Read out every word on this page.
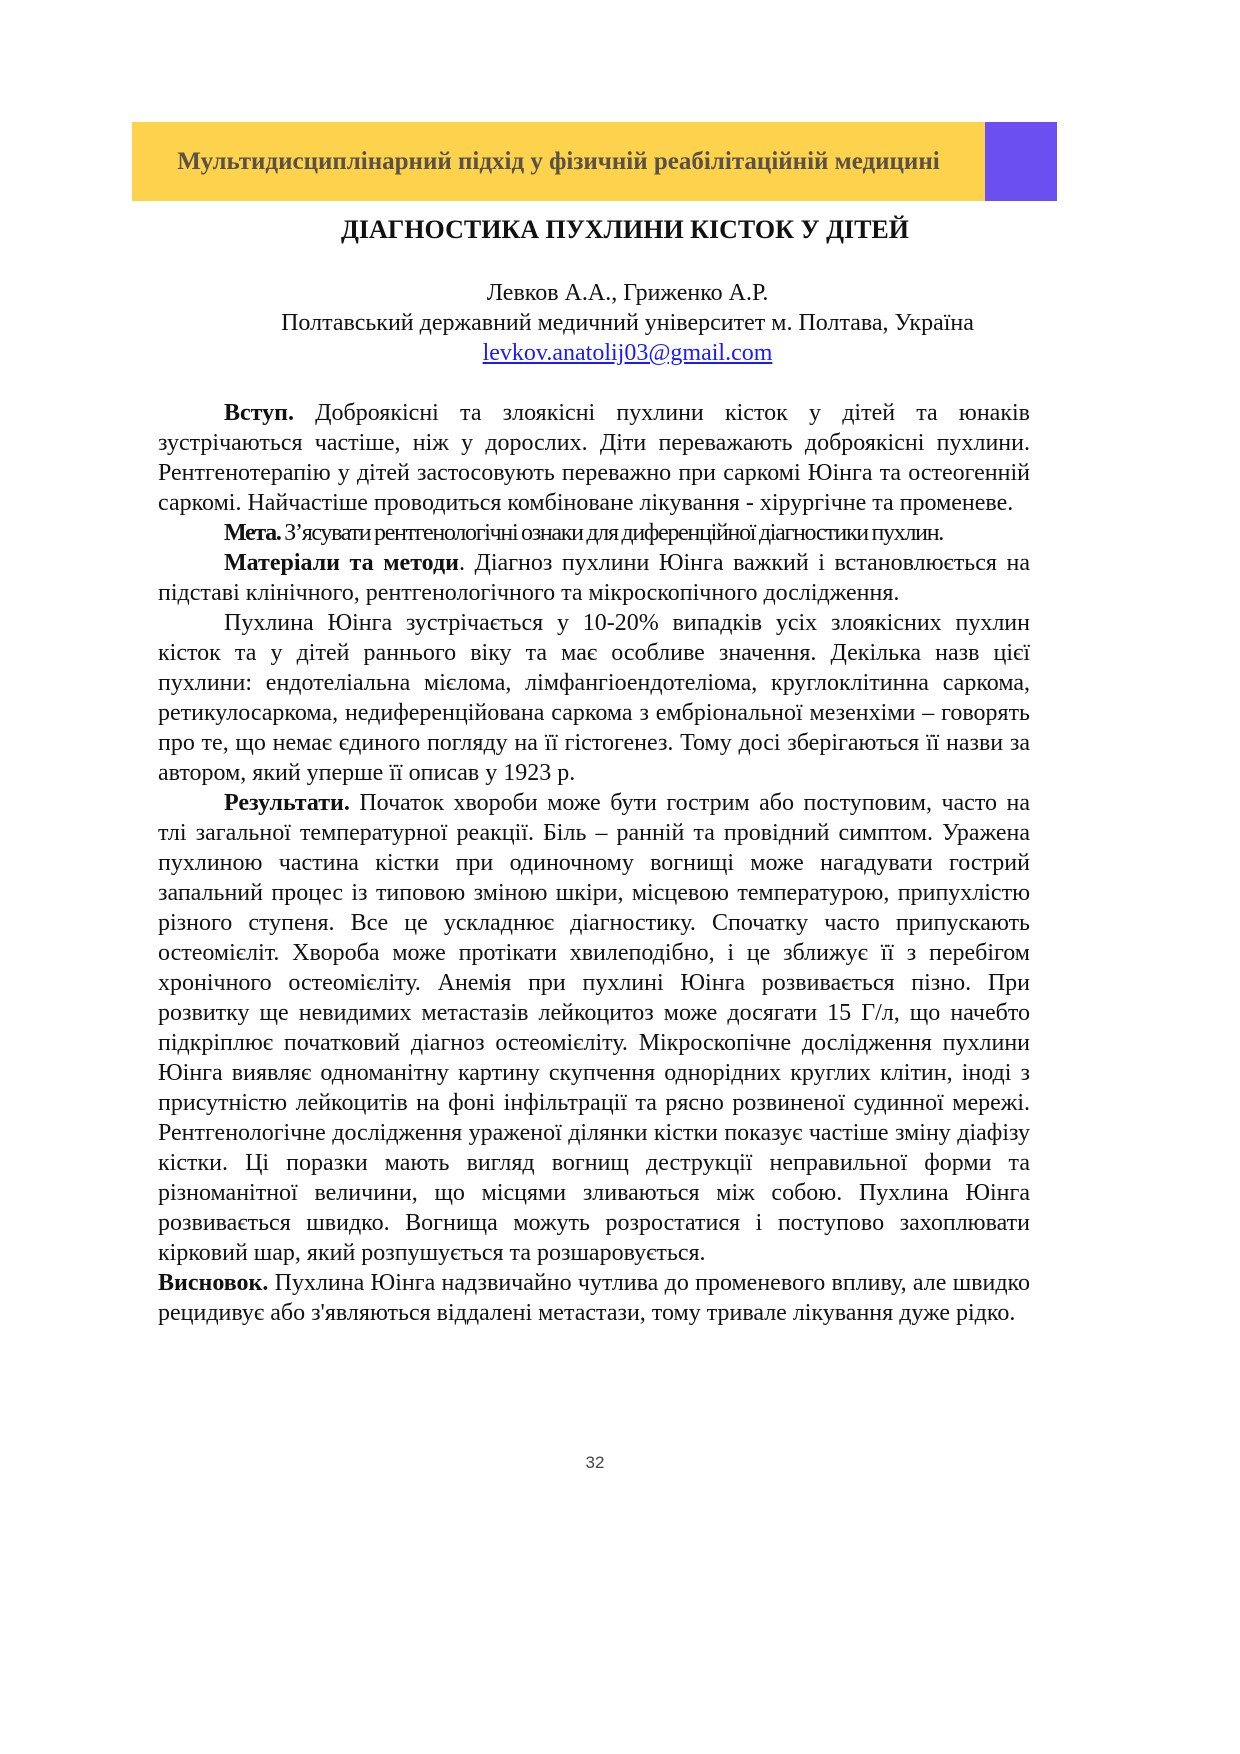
Мультидисциплінарний підхід у фізичній реабілітаційній медицині
ДІАГНОСТИКА ПУХЛИНИ КІСТОК У ДІТЕЙ
Левков А.А., Гриженко А.Р.
Полтавський державний медичний університет м. Полтава, Україна
levkov.anatolij03@gmail.com

Вступ. Доброякісні та злоякісні пухлини кісток у дітей та юнаків зустрічаються частіше, ніж у дорослих. Діти переважають доброякісні пухлини. Рентгенотерапію у дітей застосовують переважно при саркомі Юінга та остеогенній саркомі. Найчастіше проводиться комбіноване лікування - хірургічне та променеве.

Мета. З’ясувати рентгенологічні ознаки для диференційної діагностики пухлин.

Матеріали та методи. Діагноз пухлини Юінга важкий і встановлюється на підставі клінічного, рентгенологічного та мікроскопічного дослідження.

Пухлина Юінга зустрічається у 10-20% випадків усіх злоякісних пухлин кісток та у дітей раннього віку та має особливе значення. Декілька назв цієї пухлини: ендотеліальна мієлома, лімфангіоендотеліома, круглоклітинна саркома, ретикулосаркома, недиференційована саркома з ембріональної мезенхіми – говорять про те, що немає єдиного погляду на її гістогенез. Тому досі зберігаються її назви за автором, який уперше її описав у 1923 р.

Результати. Початок хвороби може бути гострим або поступовим, часто на тлі загальної температурної реакції. Біль – ранній та провідний симптом. Уражена пухлиною частина кістки при одиночному вогнищі може нагадувати гострий запальний процес із типовою зміною шкіри, місцевою температурою, припухлістю різного ступеня. Все це ускладнює діагностику. Спочатку часто припускають остеомієліт. Хвороба може протікати хвилеподібно, і це зближує її з перебігом хронічного остеомієліту. Анемія при пухлині Юінга розвивається пізно. При розвитку ще невидимих метастазів лейкоцитоз може досягати 15 Г/л, що начебто підкріплює початковий діагноз остеомієліту. Мікроскопічне дослідження пухлини Юінга виявляє одноманітну картину скупчення однорідних круглих клітин, іноді з присутністю лейкоцитів на фоні інфільтрації та рясно розвиненої судинної мережі. Рентгенологічне дослідження ураженої ділянки кістки показує частіше зміну діафізу кістки. Ці поразки мають вигляд вогнищ деструкції неправильної форми та різноманітної величини, що місцями зливаються між собою. Пухлина Юінга розвивається швидко. Вогнища можуть розростатися і поступово захоплювати кірковий шар, який розпушується та розшаровується.

Висновок. Пухлина Юінга надзвичайно чутлива до променевого впливу, але швидко рецидивує або з'являються віддалені метастази, тому тривале лікування дуже рідко.

32
